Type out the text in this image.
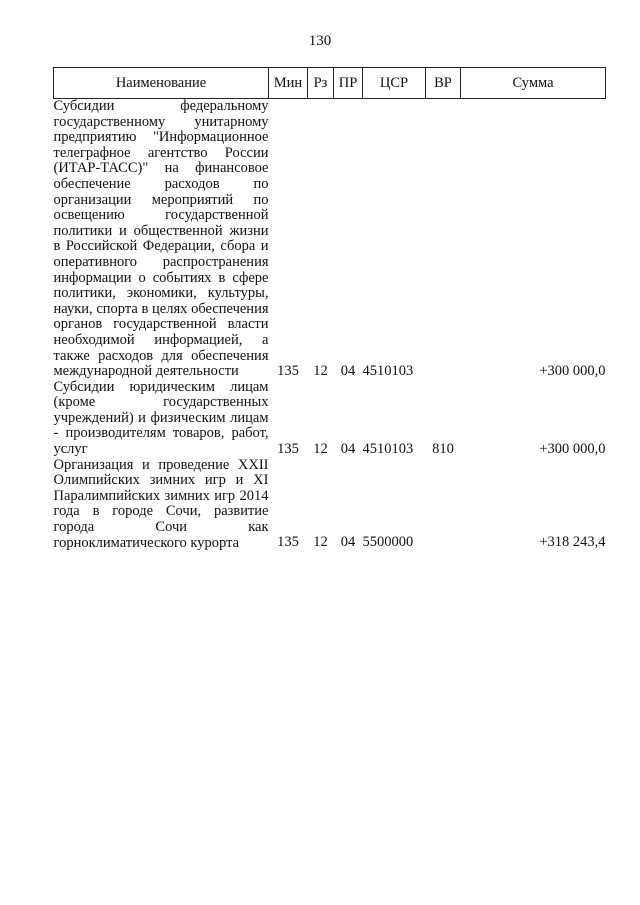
130
Наименование	Мин	Рз	ПР	ЦСР	ВР	Сумма
Субсидии федеральному государственному унитарному предприятию "Информационное телеграфное агентство России (ИТАР-ТАСС)" на финансовое обеспечение расходов по организации мероприятий по освещению государственной политики и общественной жизни в Российской Федерации, сбора и оперативного распространения информации о событиях в сфере политики, экономики, культуры, науки, спорта в целях обеспечения органов государственной власти необходимой информацией, а также расходов для обеспечения международной деятельности	135	12	04	4510103		+300 000,0
Субсидии юридическим лицам (кроме государственных учреждений) и физическим лицам - производителям товаров, работ, услуг	135	12	04	4510103	810	+300 000,0
Организация и проведение XXII Олимпийских зимних игр и XI Паралимпийских зимних игр 2014 года в городе Сочи, развитие города Сочи как горноклиматического курорта	135	12	04	5500000		+318 243,4
